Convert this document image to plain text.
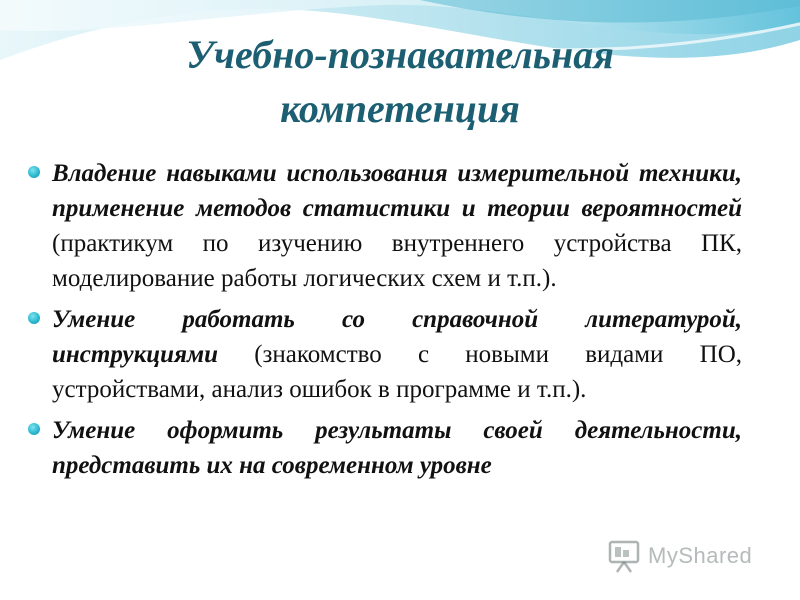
Учебно-познавательная
компетенция
Владение навыками использования измерительной техники, применение методов статистики и теории вероятностей (практикум по изучению внутреннего устройства ПК, моделирование работы логических схем и т.п.).
Умение работать со справочной литературой, инструкциями (знакомство с новыми видами ПО, устройствами, анализ ошибок в программе и т.п.).
Умение оформить результаты своей деятельности, представить их на современном уровне
MyShared
